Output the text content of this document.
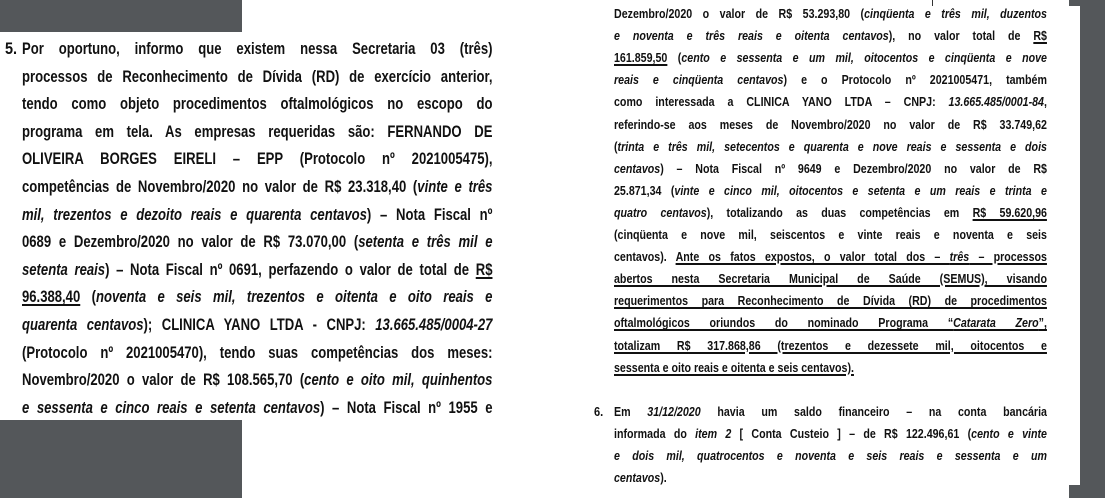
5. Por oportuno, informo que existem nessa Secretaria 03 (três)
processos de Reconhecimento de Dívida (RD) de exercício anterior,
tendo como objeto procedimentos oftalmológicos no escopo do
programa em tela. As empresas requeridas são: FERNANDO DE
OLIVEIRA BORGES EIRELI – EPP (Protocolo nº 2021005475),
competências de Novembro/2020 no valor de R$ 23.318,40 (vinte e três
mil, trezentos e dezoito reais e quarenta centavos) – Nota Fiscal nº
0689 e Dezembro/2020 no valor de R$ 73.070,00 (setenta e três mil e
setenta reais) – Nota Fiscal nº 0691, perfazendo o valor de total de R$
96.388,40 (noventa e seis mil, trezentos e oitenta e oito reais e
quarenta centavos); CLINICA YANO LTDA - CNPJ: 13.665.485/0004-27
(Protocolo nº 2021005470), tendo suas competências dos meses:
Novembro/2020 o valor de R$ 108.565,70 (cento e oito mil, quinhentos
e sessenta e cinco reais e setenta centavos) – Nota Fiscal nº 1955 e	6.
Dezembro/2020 o valor de R$ 53.293,80 (cinqüenta e três mil, duzentos
e noventa e três reais e oitenta centavos), no valor total de R$
161.859,50 (cento e sessenta e um mil, oitocentos e cinqüenta e nove
reais e cinqüenta centavos) e o Protocolo nº 2021005471, também
como interessada a CLINICA YANO LTDA – CNPJ: 13.665.485/0001-84,
referindo-se aos meses de Novembro/2020 no valor de R$ 33.749,62
(trinta e três mil, setecentos e quarenta e nove reais e sessenta e dois
centavos) – Nota Fiscal nº 9649 e Dezembro/2020 no valor de R$
25.871,34 (vinte e cinco mil, oitocentos e setenta e um reais e trinta e
quatro centavos), totalizando as duas competências em R$ 59.620,96
(cinqüenta e nove mil, seiscentos e vinte reais e noventa e seis
centavos). Ante os fatos expostos, o valor total dos – três – processos
abertos nesta Secretaria Municipal de Saúde (SEMUS), visando
requerimentos para Reconhecimento de Dívida (RD) de procedimentos
oftalmológicos oriundos do nominado Programa “Catarata Zero”,
totalizam R$ 317.868,86 (trezentos e dezessete mil, oitocentos e
sessenta e oito reais e oitenta e seis centavos).
Em 31/12/2020 havia um saldo financeiro – na conta bancária
informada do item 2 [ Conta Custeio ] – de R$ 122.496,61 (cento e vinte
e dois mil, quatrocentos e noventa e seis reais e sessenta e um
centavos).
